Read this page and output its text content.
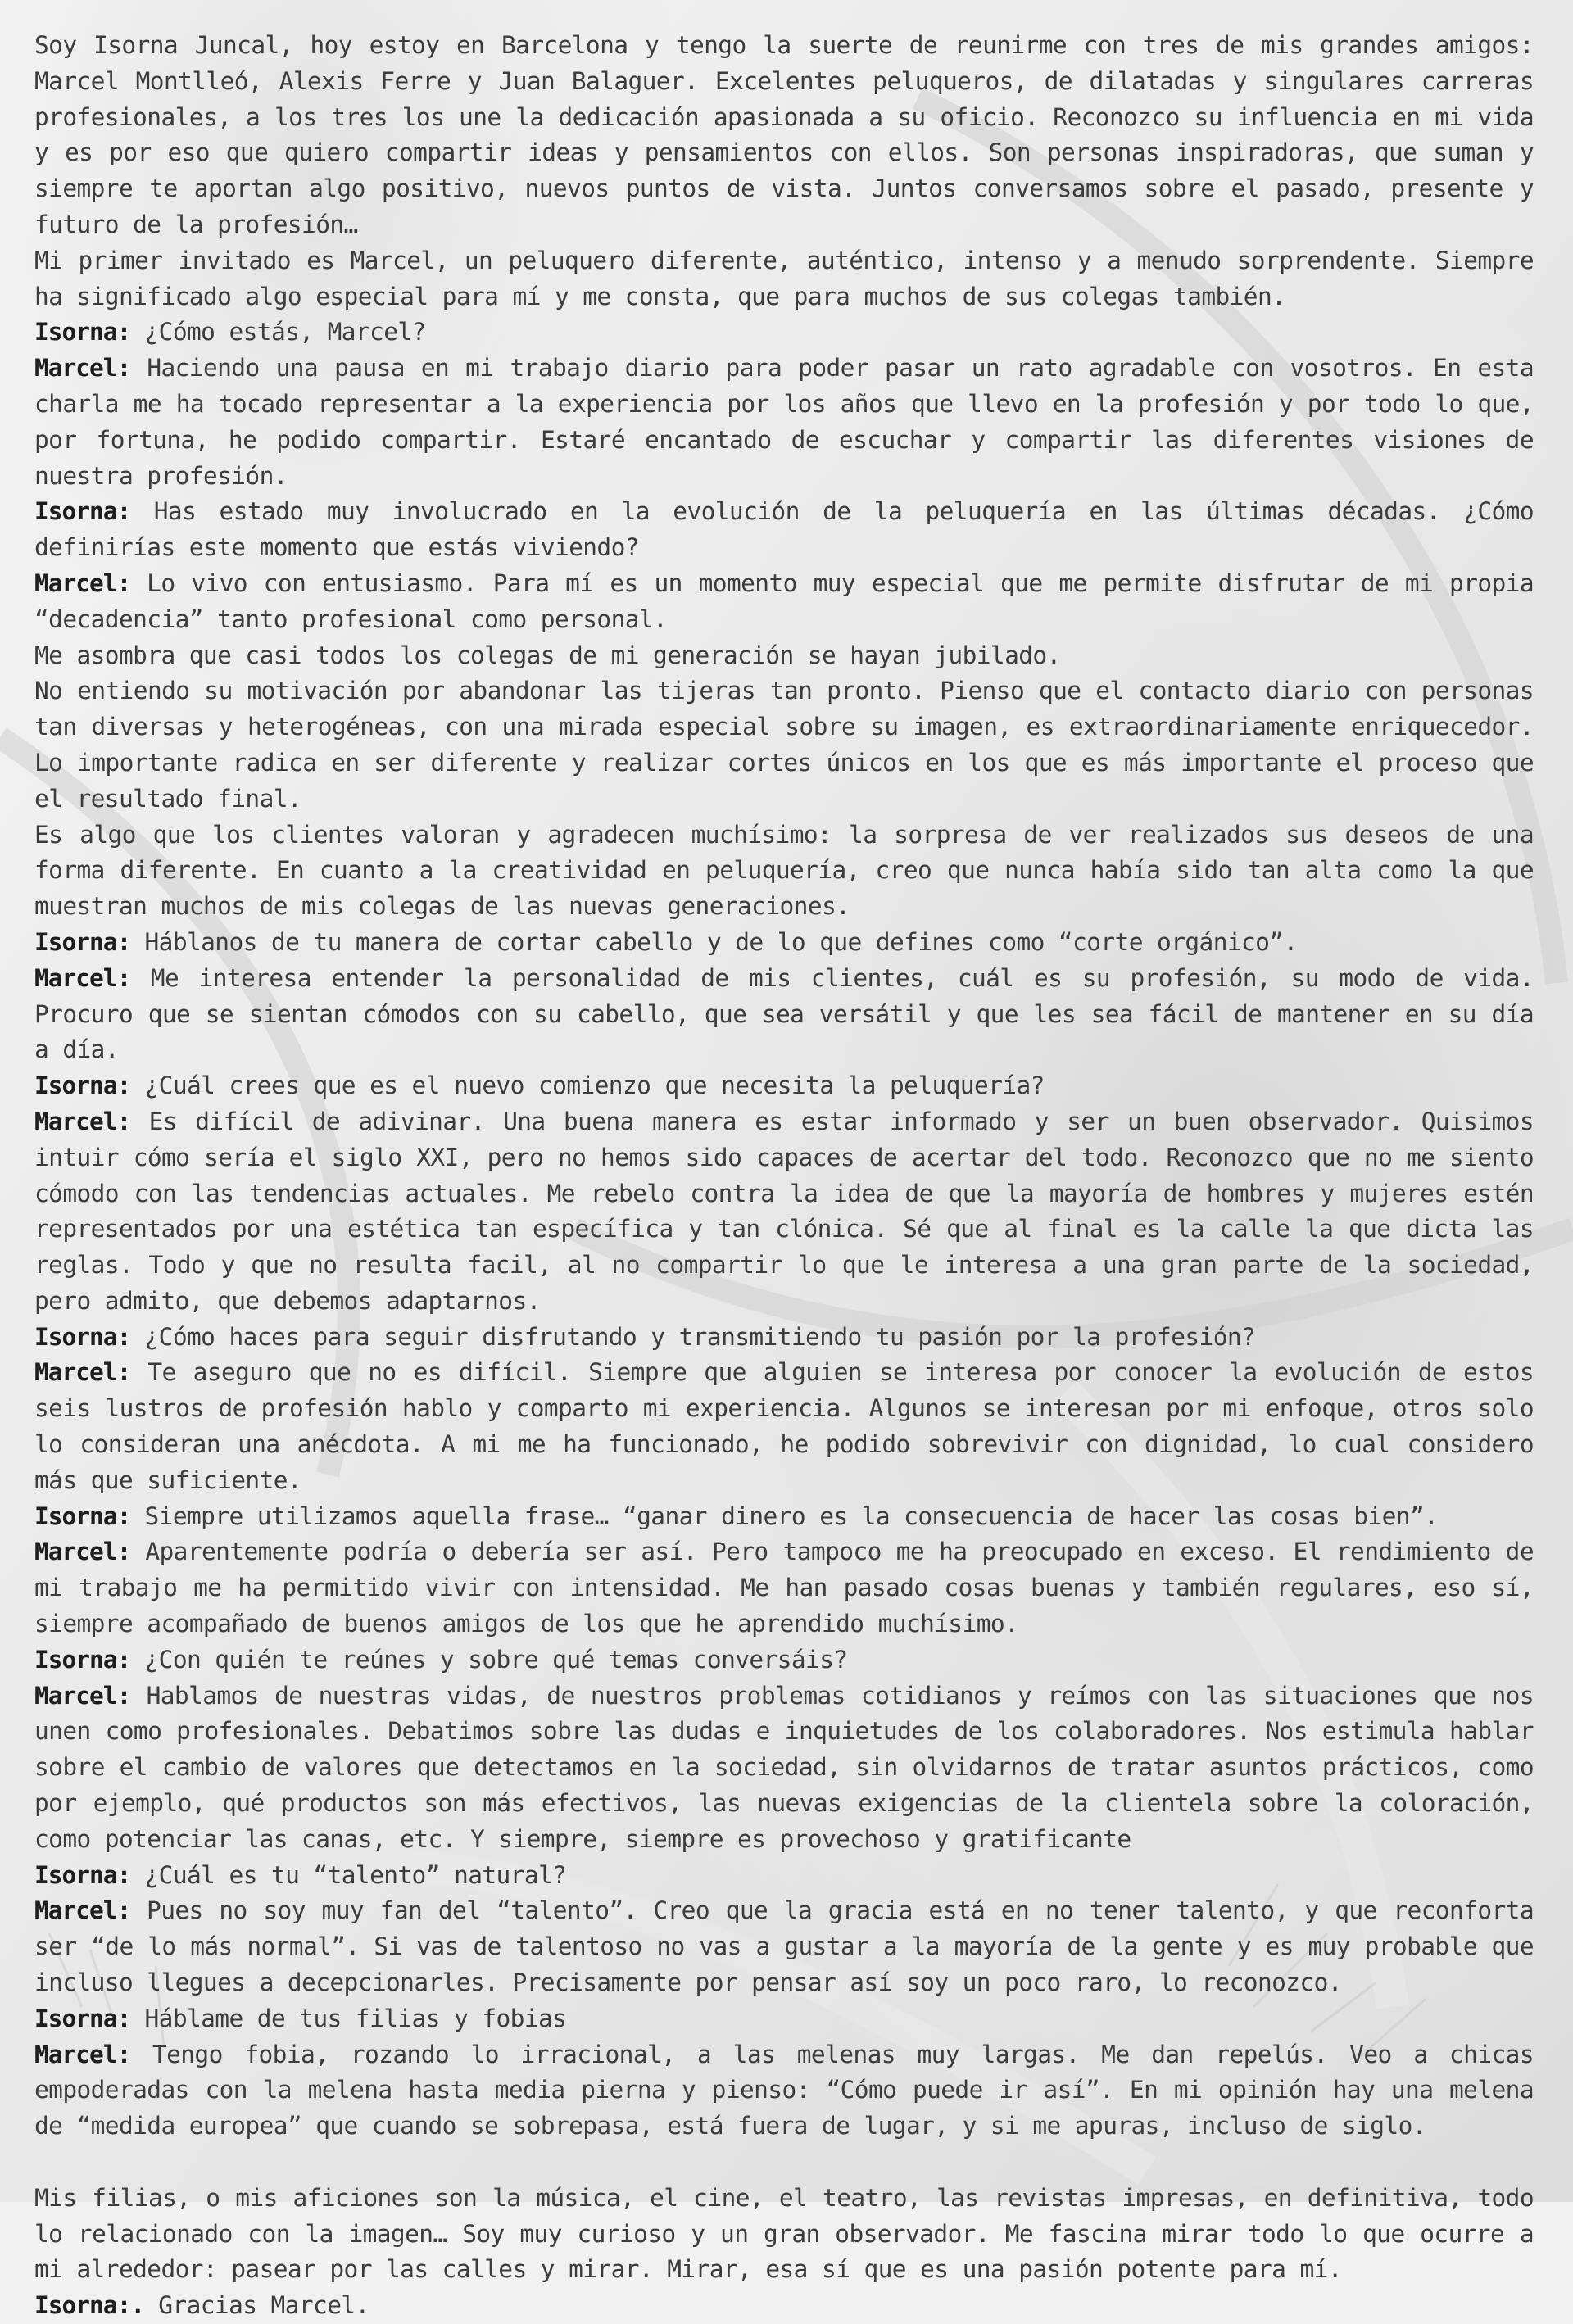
Soy Isorna Juncal, hoy estoy en Barcelona y tengo la suerte de reunirme con tres de mis grandes amigos: Marcel Montlleó, Alexis Ferre y Juan Balaguer. Excelentes peluqueros, de dilatadas y singulares carreras profesionales, a los tres los une la dedicación apasionada a su oficio. Reconozco su influencia en mi vida y es por eso que quiero compartir ideas y pensamientos con ellos. Son personas inspiradoras, que suman y siempre te aportan algo positivo, nuevos puntos de vista. Juntos conversamos sobre el pasado, presente y futuro de la profesión…
Mi primer invitado es Marcel, un peluquero diferente, auténtico, intenso y a menudo sorprendente. Siempre ha significado algo especial para mí y me consta, que para muchos de sus colegas también.
Isorna: ¿Cómo estás, Marcel?
Marcel: Haciendo una pausa en mi trabajo diario para poder pasar un rato agradable con vosotros. En esta charla me ha tocado representar a la experiencia por los años que llevo en la profesión y por todo lo que, por fortuna, he podido compartir. Estaré encantado de escuchar y compartir las diferentes visiones de nuestra profesión.
Isorna: Has estado muy involucrado en la evolución de la peluquería en las últimas décadas. ¿Cómo definirías este momento que estás viviendo?
Marcel: Lo vivo con entusiasmo. Para mí es un momento muy especial que me permite disfrutar de mi propia “decadencia” tanto profesional como personal.
Me asombra que casi todos los colegas de mi generación se hayan jubilado.
No entiendo su motivación por abandonar las tijeras tan pronto. Pienso que el contacto diario con personas tan diversas y heterogéneas, con una mirada especial sobre su imagen, es extraordinariamente enriquecedor. Lo importante radica en ser diferente y realizar cortes únicos en los que es más importante el proceso que el resultado final.
Es algo que los clientes valoran y agradecen muchísimo: la sorpresa de ver realizados sus deseos de una forma diferente. En cuanto a la creatividad en peluquería, creo que nunca había sido tan alta como la que muestran muchos de mis colegas de las nuevas generaciones.
Isorna: Háblanos de tu manera de cortar cabello y de lo que defines como “corte orgánico”.
Marcel: Me interesa entender la personalidad de mis clientes, cuál es su profesión, su modo de vida. Procuro que se sientan cómodos con su cabello, que sea versátil y que les sea fácil de mantener en su día a día.
Isorna: ¿Cuál crees que es el nuevo comienzo que necesita la peluquería?
Marcel: Es difícil de adivinar. Una buena manera es estar informado y ser un buen observador. Quisimos intuir cómo sería el siglo XXI, pero no hemos sido capaces de acertar del todo. Reconozco que no me siento cómodo con las tendencias actuales. Me rebelo contra la idea de que la mayoría de hombres y mujeres estén representados por una estética tan específica y tan clónica. Sé que al final es la calle la que dicta las reglas. Todo y que no resulta facil, al no compartir lo que le interesa a una gran parte de la sociedad, pero admito, que debemos adaptarnos.
Isorna: ¿Cómo haces para seguir disfrutando y transmitiendo tu pasión por la profesión?
Marcel: Te aseguro que no es difícil. Siempre que alguien se interesa por conocer la evolución de estos seis lustros de profesión hablo y comparto mi experiencia. Algunos se interesan por mi enfoque, otros solo lo consideran una anécdota. A mi me ha funcionado, he podido sobrevivir con dignidad, lo cual considero más que suficiente.
Isorna: Siempre utilizamos aquella frase… “ganar dinero es la consecuencia de hacer las cosas bien”.
Marcel: Aparentemente podría o debería ser así. Pero tampoco me ha preocupado en exceso. El rendimiento de mi trabajo me ha permitido vivir con intensidad. Me han pasado cosas buenas y también regulares, eso sí, siempre acompañado de buenos amigos de los que he aprendido muchísimo.
Isorna: ¿Con quién te reúnes y sobre qué temas conversáis?
Marcel: Hablamos de nuestras vidas, de nuestros problemas cotidianos y reímos con las situaciones que nos unen como profesionales. Debatimos sobre las dudas e inquietudes de los colaboradores. Nos estimula hablar sobre el cambio de valores que detectamos en la sociedad, sin olvidarnos de tratar asuntos prácticos, como por ejemplo, qué productos son más efectivos, las nuevas exigencias de la clientela sobre la coloración, como potenciar las canas, etc. Y siempre, siempre es provechoso y gratificante
Isorna: ¿Cuál es tu “talento” natural?
Marcel: Pues no soy muy fan del “talento”. Creo que la gracia está en no tener talento, y que reconforta ser “de lo más normal”. Si vas de talentoso no vas a gustar a la mayoría de la gente y es muy probable que incluso llegues a decepcionarles. Precisamente por pensar así soy un poco raro, lo reconozco.
Isorna: Háblame de tus filias y fobias
Marcel: Tengo fobia, rozando lo irracional, a las melenas muy largas. Me dan repelús. Veo a chicas empoderadas con la melena hasta media pierna y pienso: “Cómo puede ir así”. En mi opinión hay una melena de “medida europea” que cuando se sobrepasa, está fuera de lugar, y si me apuras, incluso de siglo.
Mis filias, o mis aficiones son la música, el cine, el teatro, las revistas impresas, en definitiva, todo lo relacionado con la imagen… Soy muy curioso y un gran observador. Me fascina mirar todo lo que ocurre a mi alrededor: pasear por las calles y mirar. Mirar, esa sí que es una pasión potente para mí.
Isorna:. Gracias Marcel.
